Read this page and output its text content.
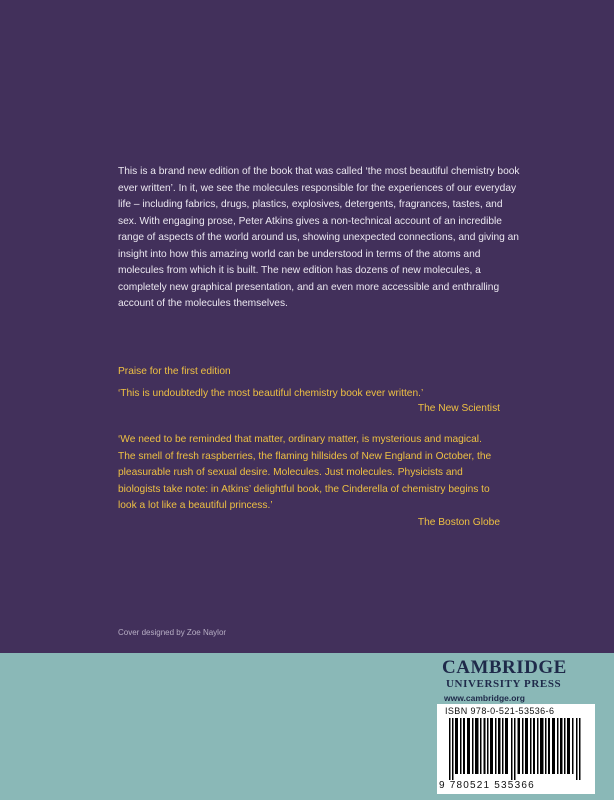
This is a brand new edition of the book that was called ‘the most beautiful chemistry book ever written’. In it, we see the molecules responsible for the experiences of our everyday life – including fabrics, drugs, plastics, explosives, detergents, fragrances, tastes, and sex. With engaging prose, Peter Atkins gives a non-technical account of an incredible range of aspects of the world around us, showing unexpected connections, and giving an insight into how this amazing world can be understood in terms of the atoms and molecules from which it is built. The new edition has dozens of new molecules, a completely new graphical presentation, and an even more accessible and enthralling account of the molecules themselves.

Praise for the first edition

‘This is undoubtedly the most beautiful chemistry book ever written.’

The New Scientist

‘We need to be reminded that matter, ordinary matter, is mysterious and magical. The smell of fresh raspberries, the flaming hillsides of New England in October, the pleasurable rush of sexual desire. Molecules. Just molecules. Physicists and biologists take note: in Atkins’ delightful book, the Cinderella of chemistry begins to look a lot like a beautiful princess.’

The Boston Globe

Cover designed by Zoe Naylor

CAMBRIDGE
UNIVERSITY PRESS
www.cambridge.org
ISBN 978-0-521-53536-6
9 780521 535366
